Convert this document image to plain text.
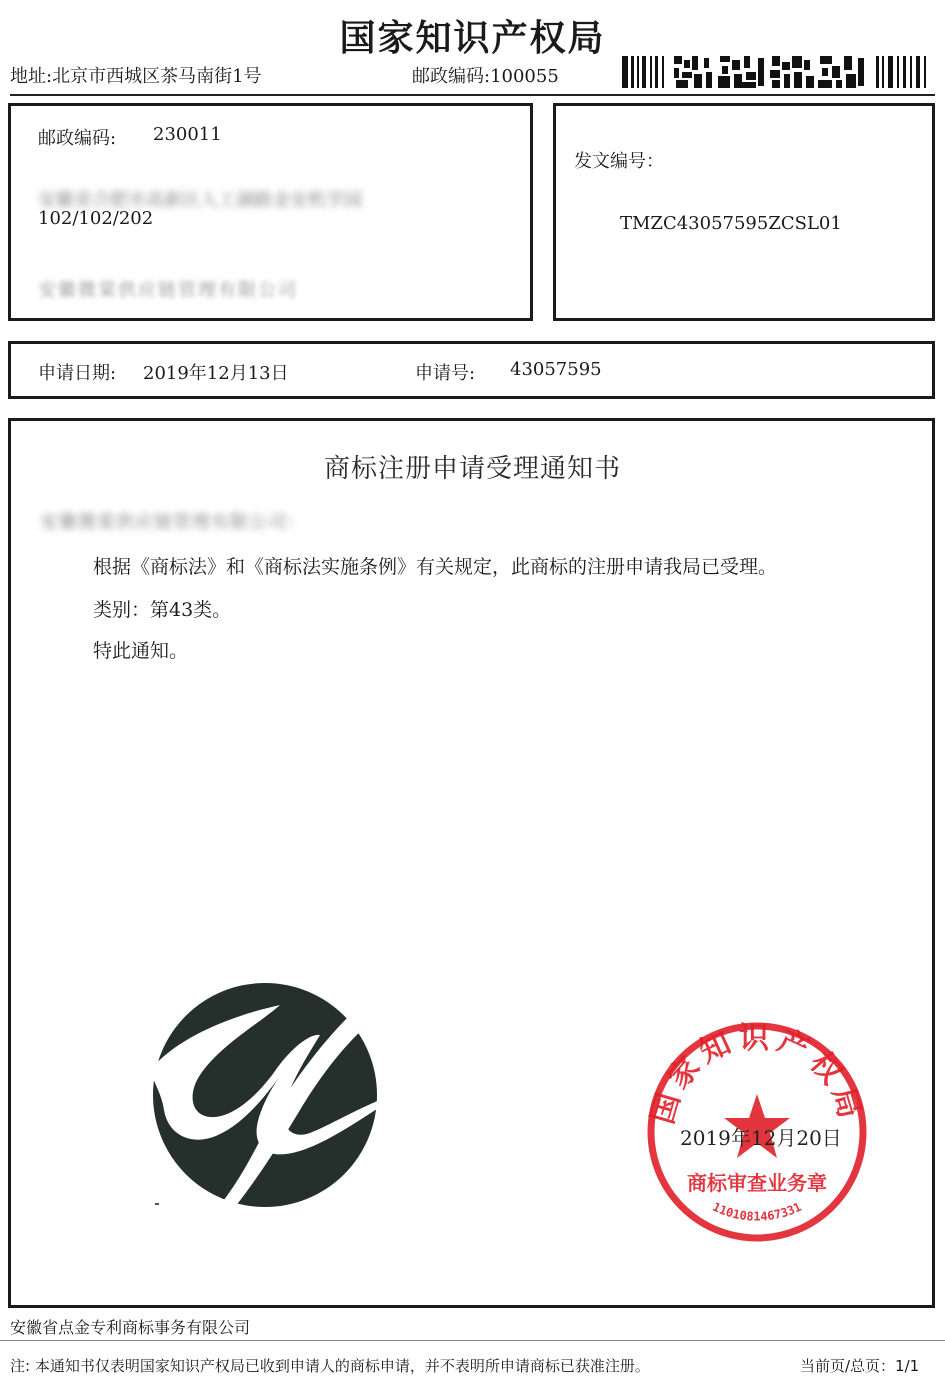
国家知识产权局
地址:北京市西城区茶马南街1号	邮政编码:100055
邮政编码: 230011
安徽省合肥市高新区人工湖路金安机学园
102/102/202
安徽微棠供应链管理有限公司
发文编号：
TMZC43057595ZCSL01
申请日期: 2019年12月13日	申请号: 43057595
商标注册申请受理通知书
安徽微棠供应链管理有限公司：
根据《商标法》和《商标法实施条例》有关规定，此商标的注册申请我局已受理。
类别：第43类。
特此通知。
国家知识产权局
商标审查业务章
1101081467331
2019年12月20日
安徽省点金专利商标事务有限公司
注: 本通知书仅表明国家知识产权局已收到申请人的商标申请，并不表明所申请商标已获准注册。	当前页/总页：1/1
